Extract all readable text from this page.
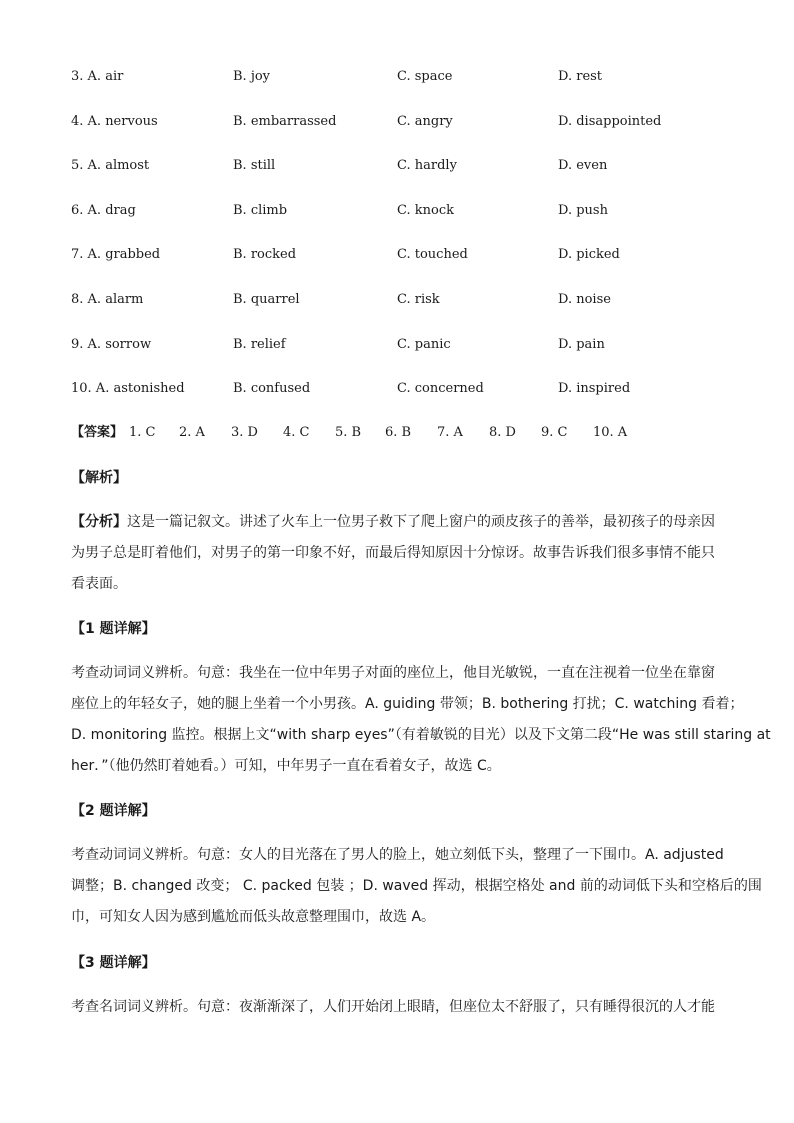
3. A. air	B. joy	C. space	D. rest
4. A. nervous	B. embarrassed	C. angry	D. disappointed
5. A. almost	B. still	C. hardly	D. even
6. A. drag	B. climb	C. knock	D. push
7. A. grabbed	B. rocked	C. touched	D. picked
8. A. alarm	B. quarrel	C. risk	D. noise
9. A. sorrow	B. relief	C. panic	D. pain
10. A. astonished	B. confused	C. concerned	D. inspired
【答案】 1. C 2. A 3. D 4. C 5. B 6. B 7. A 8. D 9. C 10. A
【解析】
【分析】这是一篇记叙文。讲述了火车上一位男子救下了爬上窗户的顽皮孩子的善举，最初孩子的母亲因
为男子总是盯着他们，对男子的第一印象不好，而最后得知原因十分惊讶。故事告诉我们很多事情不能只
看表面。
【1 题详解】
考查动词词义辨析。句意：我坐在一位中年男子对面的座位上，他目光敏锐，一直在注视着一位坐在靠窗
座位上的年轻女子，她的腿上坐着一个小男孩。A. guiding 带领；B. bothering 打扰；C. watching 看着；
D. monitoring 监控。根据上文“with sharp eyes”（有着敏锐的目光）以及下文第二段“He was still staring at
her．”（他仍然盯着她看。）可知，中年男子一直在看着女子，故选 C。
【2 题详解】
考查动词词义辨析。句意：女人的目光落在了男人的脸上，她立刻低下头，整理了一下围巾。A. adjusted
调整；B. changed 改变； C. packed 包装 ；D. waved 挥动，根据空格处 and 前的动词低下头和空格后的围
巾，可知女人因为感到尴尬而低头故意整理围巾，故选 A。
【3 题详解】
考查名词词义辨析。句意：夜渐渐深了，人们开始闭上眼睛，但座位太不舒服了，只有睡得很沉的人才能
